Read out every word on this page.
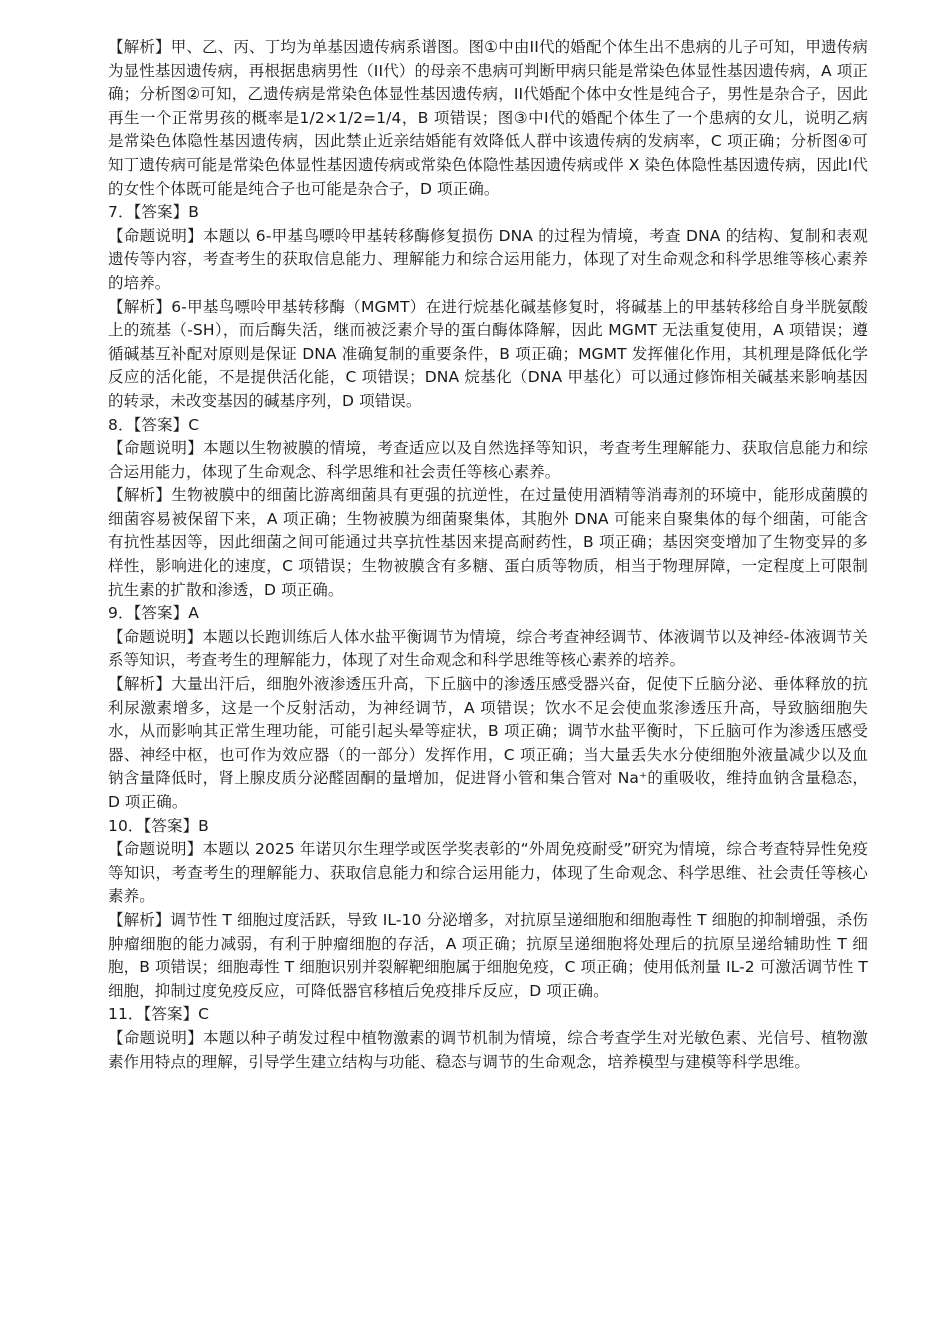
【解析】甲、乙、丙、丁均为单基因遗传病系谱图。图①中由II代的婚配个体生出不患病的儿子可知，甲遗传病为显性基因遗传病，再根据患病男性（II代）的母亲不患病可判断甲病只能是常染色体显性基因遗传病，A 项正确；分析图②可知，乙遗传病是常染色体显性基因遗传病，II代婚配个体中女性是纯合子，男性是杂合子，因此再生一个正常男孩的概率是1/2×1/2=1/4，B 项错误；图③中I代的婚配个体生了一个患病的女儿，说明乙病是常染色体隐性基因遗传病，因此禁止近亲结婚能有效降低人群中该遗传病的发病率，C 项正确；分析图④可知丁遗传病可能是常染色体显性基因遗传病或常染色体隐性基因遗传病或伴 X 染色体隐性基因遗传病，因此I代的女性个体既可能是纯合子也可能是杂合子，D 项正确。

7．【答案】B

【命题说明】本题以 6-甲基鸟嘌呤甲基转移酶修复损伤 DNA 的过程为情境，考查 DNA 的结构、复制和表观遗传等内容，考查考生的获取信息能力、理解能力和综合运用能力，体现了对生命观念和科学思维等核心素养的培养。

【解析】6-甲基鸟嘌呤甲基转移酶（MGMT）在进行烷基化碱基修复时，将碱基上的甲基转移给自身半胱氨酸上的巯基（-SH），而后酶失活，继而被泛素介导的蛋白酶体降解，因此 MGMT 无法重复使用，A 项错误；遵循碱基互补配对原则是保证 DNA 准确复制的重要条件，B 项正确；MGMT 发挥催化作用，其机理是降低化学反应的活化能，不是提供活化能，C 项错误；DNA 烷基化（DNA 甲基化）可以通过修饰相关碱基来影响基因的转录，未改变基因的碱基序列，D 项错误。

8．【答案】C

【命题说明】本题以生物被膜的情境，考查适应以及自然选择等知识，考查考生理解能力、获取信息能力和综合运用能力，体现了生命观念、科学思维和社会责任等核心素养。

【解析】生物被膜中的细菌比游离细菌具有更强的抗逆性，在过量使用酒精等消毒剂的环境中，能形成菌膜的细菌容易被保留下来，A 项正确；生物被膜为细菌聚集体，其胞外 DNA 可能来自聚集体的每个细菌，可能含有抗性基因等，因此细菌之间可能通过共享抗性基因来提高耐药性，B 项正确；基因突变增加了生物变异的多样性，影响进化的速度，C 项错误；生物被膜含有多糖、蛋白质等物质，相当于物理屏障，一定程度上可限制抗生素的扩散和渗透，D 项正确。

9．【答案】A

【命题说明】本题以长跑训练后人体水盐平衡调节为情境，综合考查神经调节、体液调节以及神经-体液调节关系等知识，考查考生的理解能力，体现了对生命观念和科学思维等核心素养的培养。

【解析】大量出汗后，细胞外液渗透压升高，下丘脑中的渗透压感受器兴奋，促使下丘脑分泌、垂体释放的抗利尿激素增多，这是一个反射活动，为神经调节，A 项错误；饮水不足会使血浆渗透压升高，导致脑细胞失水，从而影响其正常生理功能，可能引起头晕等症状，B 项正确；调节水盐平衡时，下丘脑可作为渗透压感受器、神经中枢，也可作为效应器（的一部分）发挥作用，C 项正确；当大量丢失水分使细胞外液量减少以及血钠含量降低时，肾上腺皮质分泌醛固酮的量增加，促进肾小管和集合管对 Na⁺的重吸收，维持血钠含量稳态，D 项正确。

10．【答案】B

【命题说明】本题以 2025 年诺贝尔生理学或医学奖表彰的“外周免疫耐受”研究为情境，综合考查特异性免疫等知识，考查考生的理解能力、获取信息能力和综合运用能力，体现了生命观念、科学思维、社会责任等核心素养。

【解析】调节性 T 细胞过度活跃，导致 IL-10 分泌增多，对抗原呈递细胞和细胞毒性 T 细胞的抑制增强，杀伤肿瘤细胞的能力减弱，有利于肿瘤细胞的存活，A 项正确；抗原呈递细胞将处理后的抗原呈递给辅助性 T 细胞，B 项错误；细胞毒性 T 细胞识别并裂解靶细胞属于细胞免疫，C 项正确；使用低剂量 IL-2 可激活调节性 T 细胞，抑制过度免疫反应，可降低器官移植后免疫排斥反应，D 项正确。

11．【答案】C

【命题说明】本题以种子萌发过程中植物激素的调节机制为情境，综合考查学生对光敏色素、光信号、植物激素作用特点的理解，引导学生建立结构与功能、稳态与调节的生命观念，培养模型与建模等科学思维。
